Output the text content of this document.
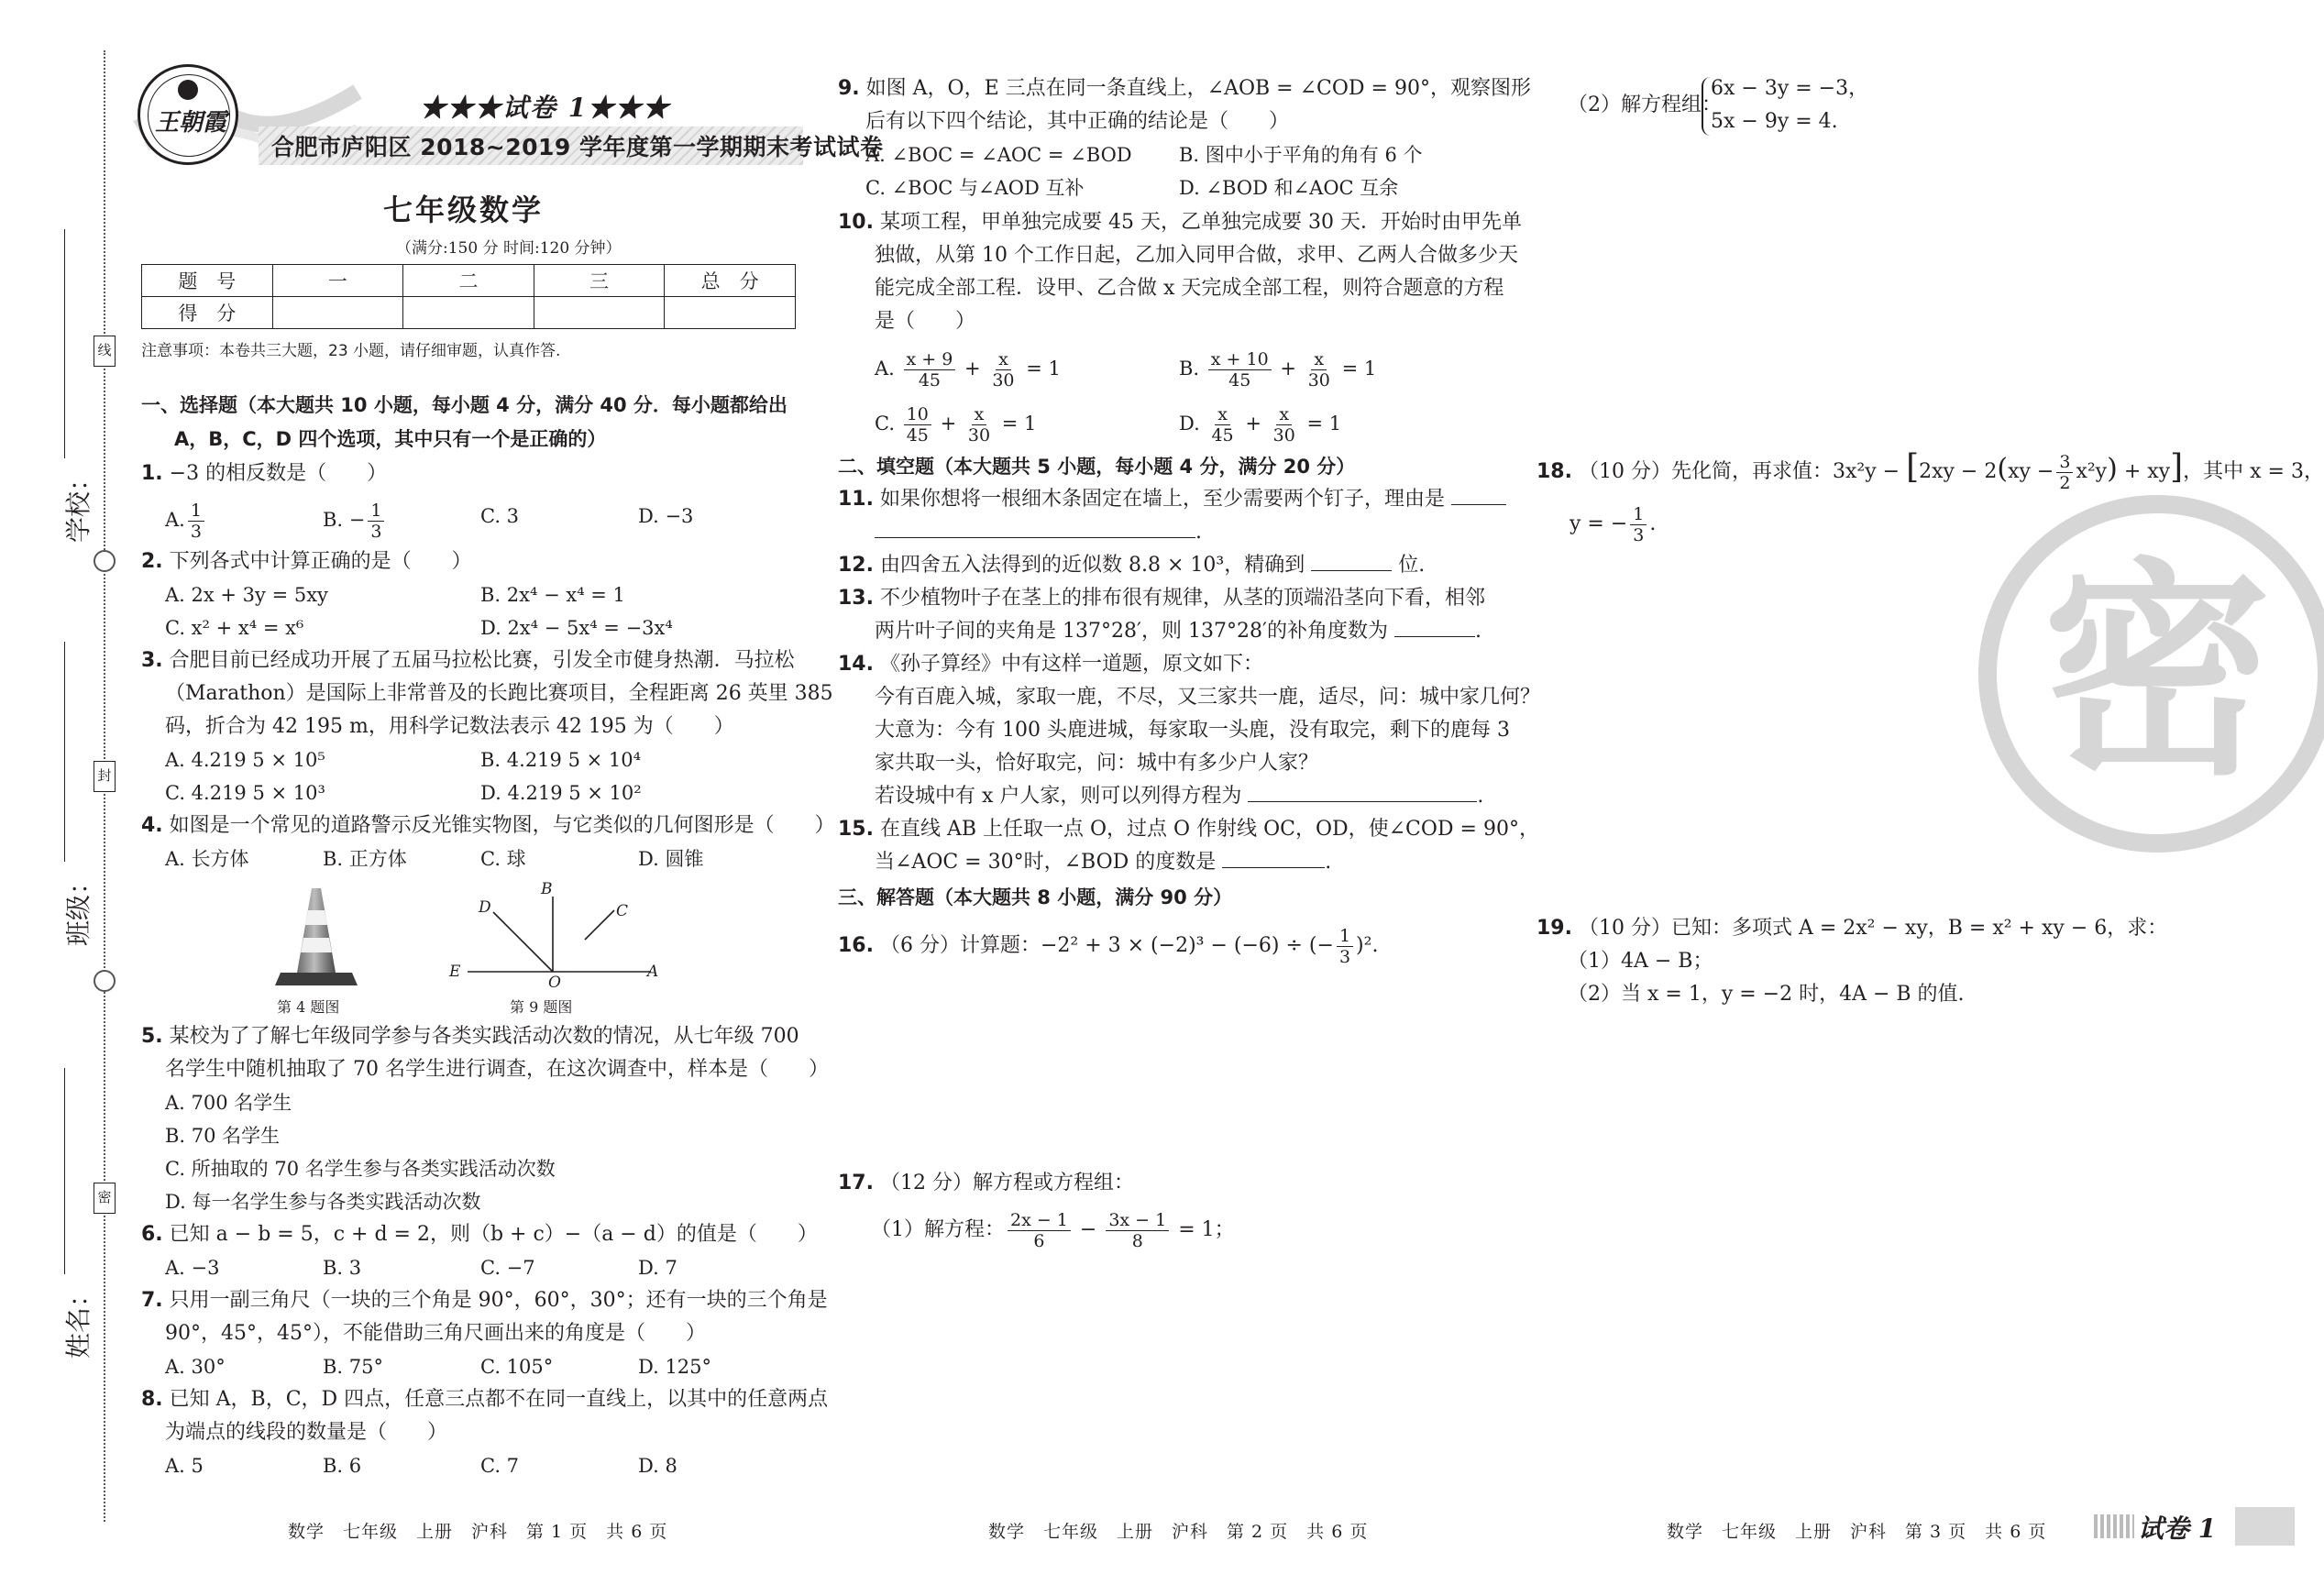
线
封
密
学校：
班级：
姓名：
王朝霞	★★★试卷 1★★★
合肥市庐阳区 2018~2019 学年度第一学期期末考试试卷
七年级数学
（满分:150 分 时间:120 分钟）
题　号	一	二	三	总　分
得　分				
注意事项：本卷共三大题，23 小题，请仔细审题，认真作答.
一、选择题（本大题共 10 小题，每小题 4 分，满分 40 分．每小题都给出
A，B，C，D 四个选项，其中只有一个是正确的）
1. −3 的相反数是（　　）
A. $\frac{1}{3}$	B. − $\frac{1}{3}$	C. 3	D. −3
2. 下列各式中计算正确的是（　　）
A. 2x + 3y = 5xy	B. 2x⁴ − x⁴ = 1
C. x² + x⁴ = x⁶	D. 2x⁴ − 5x⁴ = −3x⁴
3. 合肥目前已经成功开展了五届马拉松比赛，引发全市健身热潮．马拉松
（Marathon）是国际上非常普及的长跑比赛项目，全程距离 26 英里 385
码，折合为 42 195 m，用科学记数法表示 42 195 为（　　）
A. 4.219 5 × 10⁵	B. 4.219 5 × 10⁴
C. 4.219 5 × 10³	D. 4.219 5 × 10²
4. 如图是一个常见的道路警示反光锥实物图，与它类似的几何图形是（　　）
A. 长方体	B. 正方体	C. 球	D. 圆锥
第 4 题图
B
D	C
E
O
A
第 9 题图
5. 某校为了了解七年级同学参与各类实践活动次数的情况，从七年级 700
名学生中随机抽取了 70 名学生进行调查，在这次调查中，样本是（　　）
A. 700 名学生
B. 70 名学生
C. 所抽取的 70 名学生参与各类实践活动次数
D. 每一名学生参与各类实践活动次数
6. 已知 a − b = 5，c + d = 2，则（b + c）−（a − d）的值是（　　）
A. −3	B. 3	C. −7	D. 7
7. 只用一副三角尺（一块的三个角是 90°，60°，30°；还有一块的三个角是
90°，45°，45°），不能借助三角尺画出来的角度是（　　）
A. 30°	B. 75°	C. 105°	D. 125°
8. 已知 A，B，C，D 四点，任意三点都不在同一直线上，以其中的任意两点
为端点的线段的数量是（　　）
A. 5	B. 6	C. 7	D. 8
数学　七年级　上册　沪科　第 1 页　共 6 页
9. 如图 A，O，E 三点在同一条直线上，∠AOB = ∠COD = 90°，观察图形
后有以下四个结论，其中正确的结论是（　　）
A. ∠BOC = ∠AOC = ∠BOD B. 图中小于平角的角有 6 个
C. ∠BOC 与∠AOD 互补	D. ∠BOD 和∠AOC 互余
10. 某项工程，甲单独完成要 45 天，乙单独完成要 30 天．开始时由甲先单
独做，从第 10 个工作日起，乙加入同甲合做，求甲、乙两人合做多少天
能完成全部工程．设甲、乙合做 x 天完成全部工程，则符合题意的方程
是（　　）
A. $\frac{x + 9}{45} + \frac{x}{30} = 1$	B. $\frac{x + 10}{45} + \frac{x}{30} = 1$
C. $\frac{10}{45} + \frac{x}{30} = 1$	D. $\frac{x}{45} + \frac{x}{30} = 1$
二、填空题（本大题共 5 小题，每小题 4 分，满分 20 分）
11. 如果你想将一根细木条固定在墙上，至少需要两个钉子，理由是
.
12. 由四舍五入法得到的近似数 8.8 × 10³，精确到	位.
13. 不少植物叶子在茎上的排布很有规律，从茎的顶端沿茎向下看，相邻
两片叶子间的夹角是 137°28′，则 137°28′的补角度数为	.
14. 《孙子算经》中有这样一道题，原文如下：
今有百鹿入城，家取一鹿，不尽，又三家共一鹿，适尽，问：城中家几何？
大意为：今有 100 头鹿进城，每家取一头鹿，没有取完，剩下的鹿每 3
家共取一头，恰好取完，问：城中有多少户人家？
若设城中有 x 户人家，则可以列得方程为	.
15. 在直线 AB 上任取一点 O，过点 O 作射线 OC，OD，使∠COD = 90°，
当∠AOC = 30°时，∠BOD 的度数是	.
三、解答题（本大题共 8 小题，满分 90 分）
16. （6 分）计算题：−2² + 3 × (−2)³ − (−6) ÷ (− $\frac{1}{3} )^2$.
17. （12 分）解方程或方程组：
（1）解方程： $\frac{2x - 1}{6} - \frac{3x - 1}{8} = 1$；
数学　七年级　上册　沪科　第 2 页　共 6 页
（2）解方程组：
6x − 3y = −3，
5x − 9y = 4.
18. （10 分）先化简，再求值：$3x^2y - [2xy - 2(xy - \frac{3}{2} x^2y) + xy]$，其中 x = 3，
y = − $\frac{1}{3}$ .
密
19. （10 分）已知：多项式 A = 2x² − xy，B = x² + xy − 6，求：
（1）4A − B；
（2）当 x = 1，y = −2 时，4A − B 的值.
数学　七年级　上册　沪科　第 3 页　共 6 页	试卷 1
